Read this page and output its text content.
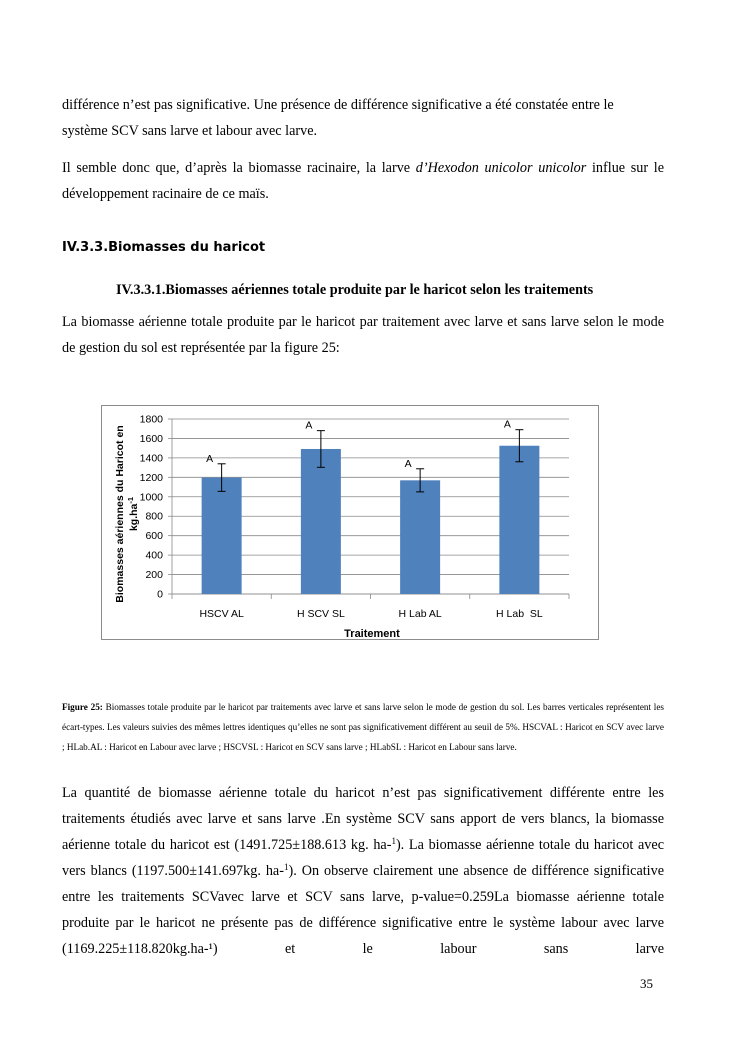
différence n’est pas significative. Une présence de différence significative a été constatée entre le
système SCV sans larve et labour avec larve.

Il semble donc que, d’après la biomasse racinaire, la larve d’Hexodon unicolor unicolor influe sur le développement racinaire de ce maïs.

IV.3.3.Biomasses du haricot
IV.3.3.1.Biomasses aériennes totale produite par le haricot selon les traitements

La biomasse aérienne totale produite par le haricot par traitement avec larve et sans larve selon le mode de gestion du sol est représentée par la figure 25:

A
A
A
A
0
200
400
600
800
1000
1200
1400
1600
1800
HSCV AL	H SCV SL	H Lab AL	H Lab  SL
Traitement
Biomasses aériennes du Haricot en $kg.ha^{-1}$

Figure 25: Biomasses totale produite par le haricot par traitements avec larve et sans larve selon le mode de gestion du sol. Les barres verticales représentent les écart-types. Les valeurs suivies des mêmes lettres identiques qu’elles ne sont pas significativement différent au seuil de 5%. HSCVAL : Haricot en SCV avec larve ; HLab.AL : Haricot en Labour avec larve ; HSCVSL : Haricot en SCV sans larve ; HLabSL : Haricot en Labour sans larve.

La quantité de biomasse aérienne totale du haricot n’est pas significativement différente entre les traitements étudiés avec larve et sans larve .En système SCV sans apport de vers blancs, la biomasse aérienne totale du haricot est (1491.725±188.613 kg. ha-$^1$). La biomasse aérienne totale du haricot avec vers blancs (1197.500±141.697kg. ha-$^1$). On observe clairement une absence de différence significative entre les traitements SCVavec larve et SCV sans larve, p-value=0.259La biomasse aérienne totale produite par le haricot ne présente pas de différence significative entre le système labour avec larve (1169.225±118.820kg.ha-¹) et le labour sans larve

35
